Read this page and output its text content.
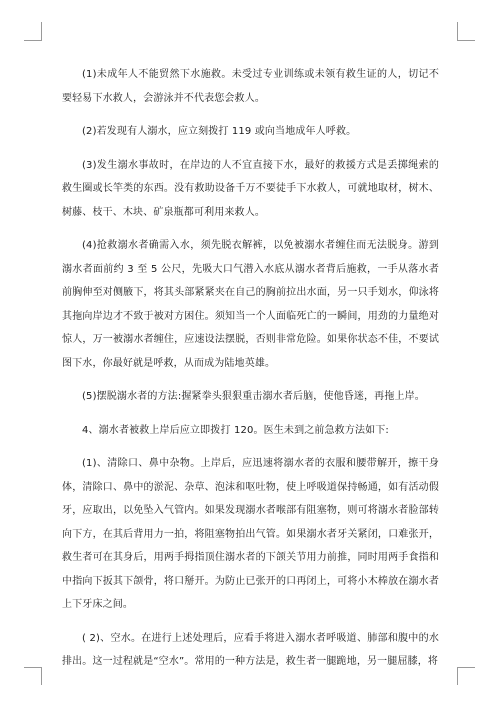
(1)未成年人不能贸然下水施救。未受过专业训练或未领有救生证的人，切记不要轻易下水救人，会游泳并不代表您会救人。

(2)若发现有人溺水，应立刻拨打 119 或向当地成年人呼救。

(3)发生溺水事故时，在岸边的人不宜直接下水，最好的救援方式是丢掷绳索的救生圈或长竿类的东西。没有救助设备千万不要徒手下水救人，可就地取材，树木、树藤、枝干、木块、矿泉瓶都可利用来救人。

(4)抢救溺水者确需入水，须先脱衣解裤，以免被溺水者缠住而无法脱身。游到溺水者面前约 3 至 5 公尺，先吸大口气潜入水底从溺水者背后施救，一手从落水者前胸伸至对侧腋下，将其头部紧紧夹在自己的胸前拉出水面，另一只手划水，仰泳将其拖向岸边才不致于被对方困住。须知当一个人面临死亡的一瞬间，用劲的力量绝对惊人，万一被溺水者缠住，应速设法摆脱，否则非常危险。如果你状态不佳，不要试图下水，你最好就是呼救，从而成为陆地英雄。

(5)摆脱溺水者的方法:握紧拳头狠狠重击溺水者后脑，使他昏迷，再拖上岸。

4、溺水者被救上岸后应立即拨打 120。医生未到之前急救方法如下:

(1)、清除口、鼻中杂物。上岸后，应迅速将溺水者的衣服和腰带解开，擦干身体，清除口、鼻中的淤泥、杂草、泡沫和呕吐物，使上呼吸道保持畅通，如有活动假牙，应取出，以免坠入气管内。如果发现溺水者喉部有阻塞物，则可将溺水者脸部转向下方，在其后背用力一拍，将阻塞物拍出气管。如果溺水者牙关紧闭，口难张开，救生者可在其身后，用两手拇指顶住溺水者的下颌关节用力前推，同时用两手食指和中指向下扳其下颌骨，将口掰开。为防止已张开的口再闭上，可将小木棒放在溺水者上下牙床之间。

( 2)、空水。在进行上述处理后，应看手将进入溺水者呼吸道、肺部和腹中的水排出。这一过程就是“空水”。常用的一种方法是，救生者一腿跪地，另一腿屈膝，将
